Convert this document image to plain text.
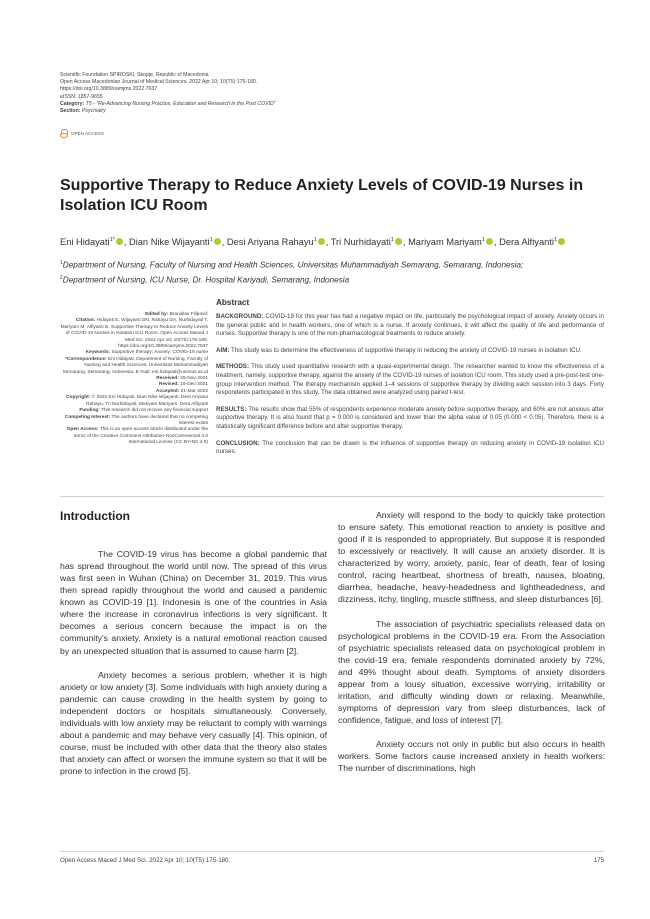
Scientific Foundation SPIROSKI, Skopje, Republic of Macedonia
Open Access Macedonian Journal of Medical Sciences. 2022 Apr 10; 10(T5):175-180.
https://doi.org/10.3889/oamjms.2022.7637
eISSN: 1857-9655
Category: T5 - "Re-Advancing Nursing Practice, Education and Research in the Post COVID"
Section: Psychiatry
OPEN ACCESS
Supportive Therapy to Reduce Anxiety Levels of COVID-19 Nurses in Isolation ICU Room
Eni Hidayati$^{1*}$ , Dian Nike Wijayanti$^1$ , Desi Ariyana Rahayu$^1$ , Tri Nurhidayati$^1$ , Mariyam Mariyam$^1$ , Dera Alfiyanti$^1$
$^1$Department of Nursing, Faculty of Nursing and Health Sciences, Universitas Muhammadiyah Semarang, Semarang, Indonesia;
$^2$Department of Nursing, ICU Nurse, Dr. Hospital Kariyadi, Semarang, Indonesia

Edited by: Branislav Filipović

Citation: Hidayati E, Wijayanti DN, Rahayu DA, Nurhidayati T, Mariyam M, Alfiyanti D. Supportive Therapy to Reduce Anxiety Levels of COVID-19 Nurses in Isolation ICU Room. Open Access Maced J Med Sci. 2022 Apr 10; 10(T5):175-180. https://doi.org/10.3889/oamjms.2022.7637

Keywords: Supportive therapy; Anxiety; COVID-19 nurse

*Correspondence: Eni Hidayati, Department of Nursing, Faculty of Nursing and Health Sciences, Universitas Muhammadiyah Semarang, Semarang, Indonesia. E-mail: eni.hidayati@unimus.ac.id

Received: 29-Nov-2021

Revised: 19-Dec-2021

Accepted: 31-Mar-2022

Copyright: © 2022 Eni Hidayati, Dian Nike Wijayanti, Desi Ariyana Rahayu, Tri Nurhidayati, Mariyam Mariyam, Dera Alfiyanti

Funding: This research did not receive any financial support

Competing Interest: The authors have declared that no competing interest exists

Open Access: This is an open-access article distributed under the terms of the Creative Commons Attribution-NonCommercial 4.0 International License (CC BY-NC 4.0)

Abstract

BACKGROUND: COVID-19 for this year has had a negative impact on life, particularly the psychological impact of anxiety. Anxiety occurs in the general public and in health workers, one of which is a nurse. If anxiety continues, it will affect the quality of life and performance of nurses. Supportive therapy is one of the non-pharmacological treatments to reduce anxiety.

AIM: This study was to determine the effectiveness of supportive therapy in reducing the anxiety of COVID-19 nurses in isolation ICU.

METHODS: This study used quantitative research with a quasi-experimental design. The researcher wanted to know the effectiveness of a treatment, namely, supportive therapy, against the anxiety of the COVID-19 nurses of isolation ICU room. This study used a pre-post-test one-group intervention method. The therapy mechanism applied 1–4 sessions of supportive therapy by dividing each session into 3 days. Forty respondents participated in this study. The data obtained were analyzed using paired t-test.

RESULTS: The results show that 55% of respondents experience moderate anxiety before supportive therapy, and 60% are not anxious after supportive therapy. It is also found that p = 0.000 is considered and lower than the alpha value of 0.05 (0.000 < 0.05). Therefore, there is a statistically significant difference before and after supportive therapy.

CONCLUSION: The conclusion that can be drawn is the influence of supportive therapy on reducing anxiety in COVID-19 isolation ICU nurses.

Introduction

The COVID-19 virus has become a global pandemic that has spread throughout the world until now. The spread of this virus was first seen in Wuhan (China) on December 31, 2019. This virus then spread rapidly throughout the world and caused a pandemic known as COVID-19 [1]. Indonesia is one of the countries in Asia where the increase in coronavirus infections is very significant. It becomes a serious concern because the impact is on the community's anxiety. Anxiety is a natural emotional reaction caused by an unexpected situation that is assumed to cause harm [2].

Anxiety becomes a serious problem, whether it is high anxiety or low anxiety [3]. Some individuals with high anxiety during a pandemic can cause crowding in the health system by going to independent doctors or hospitals simultaneously. Conversely, individuals with low anxiety may be reluctant to comply with warnings about a pandemic and may behave very casually [4]. This opinion, of course, must be included with other data that the theory also states that anxiety can affect or worsen the immune system so that it will be prone to infection in the crowd [5].

Anxiety will respond to the body to quickly take protection to ensure safety. This emotional reaction to anxiety is positive and good if it is responded to appropriately. But suppose it is responded to excessively or reactively. It will cause an anxiety disorder. It is characterized by worry, anxiety, panic, fear of death, fear of losing control, racing heartbeat, shortness of breath, nausea, bloating, diarrhea, headache, heavy-headedness and lightheadedness, and dizziness, itchy, tingling, muscle stiffness, and sleep disturbances [6].

The association of psychiatric specialists released data on psychological problems in the COVID-19 era. From the Association of psychiatric specialists released data on psychological problem in the covid-19 era, female respondents dominated anxiety by 72%, and 49% thought about death. Symptoms of anxiety disorders appear from a lousy situation, excessive worrying, irritability or irritation, and difficulty winding down or relaxing. Meanwhile, symptoms of depression vary from sleep disturbances, lack of confidence, fatigue, and loss of interest [7].

Anxiety occurs not only in public but also occurs in health workers. Some factors cause increased anxiety in health workers: The number of discriminations, high

Open Access Maced J Med Sci. 2022 Apr 10; 10(T5):175-180.	175
